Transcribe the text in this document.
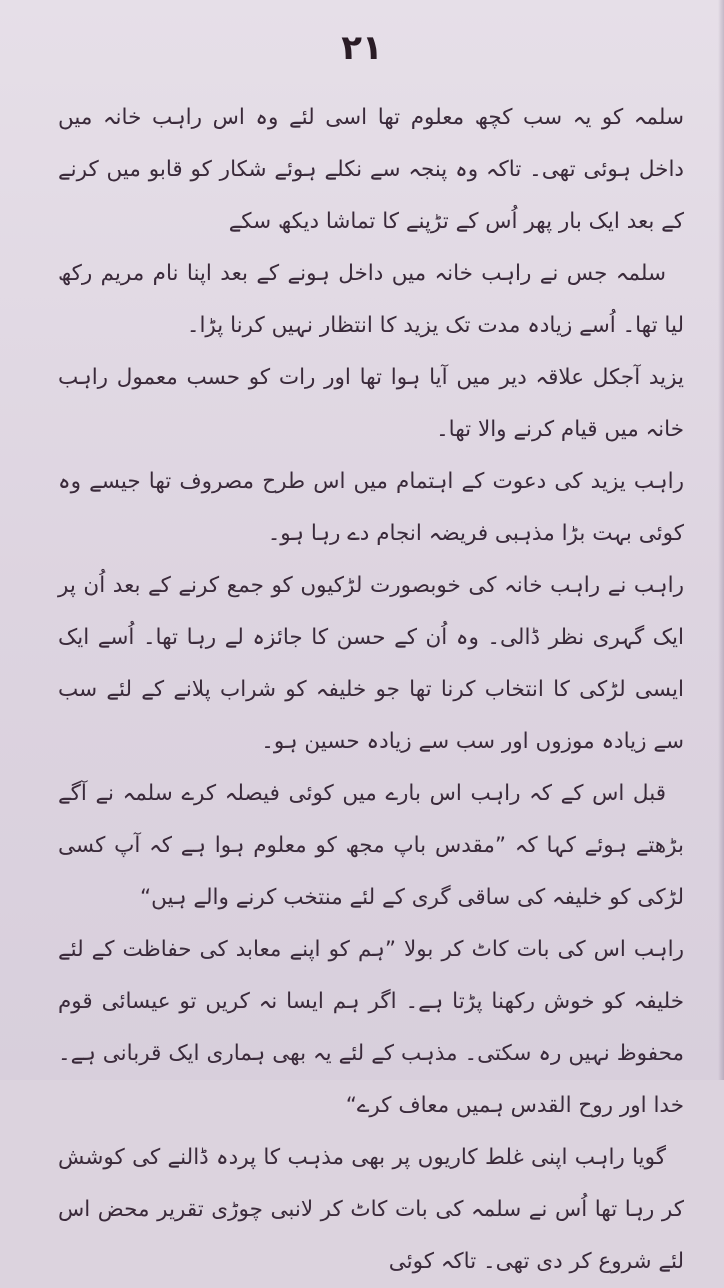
۲۱

سلمہ کو یہ سب کچھ معلوم تھا اسی لئے وہ اس راہب خانہ میں داخل ہوئی تھی۔ تاکہ وہ پنجہ سے نکلے ہوئے شکار کو قابو میں کرنے کے بعد ایک بار پھر اُس کے تڑپنے کا تماشا دیکھ سکے

سلمہ جس نے راہب خانہ میں داخل ہونے کے بعد اپنا نام مریم رکھ لیا تھا۔ اُسے زیادہ مدت تک یزید کا انتظار نہیں کرنا پڑا۔

یزید آجکل علاقہ دیر میں آیا ہوا تھا اور رات کو حسب معمول راہب خانہ میں قیام کرنے والا تھا۔

راہب یزید کی دعوت کے اہتمام میں اس طرح مصروف تھا جیسے وہ کوئی بہت بڑا مذہبی فریضہ انجام دے رہا ہو۔

راہب نے راہب خانہ کی خوبصورت لڑکیوں کو جمع کرنے کے بعد اُن پر ایک گہری نظر ڈالی۔ وہ اُن کے حسن کا جائزہ لے رہا تھا۔ اُسے ایک ایسی لڑکی کا انتخاب کرنا تھا جو خلیفہ کو شراب پلانے کے لئے سب سے زیادہ موزوں اور سب سے زیادہ حسین ہو۔

قبل اس کے کہ راہب اس بارے میں کوئی فیصلہ کرے سلمہ نے آگے بڑھتے ہوئے کہا کہ ”مقدس باپ مجھ کو معلوم ہوا ہے کہ آپ کسی لڑکی کو خلیفہ کی ساقی گری کے لئے منتخب کرنے والے ہیں“

راہب اس کی بات کاٹ کر بولا ”ہم کو اپنے معابد کی حفاظت کے لئے خلیفہ کو خوش رکھنا پڑتا ہے۔ اگر ہم ایسا نہ کریں تو عیسائی قوم محفوظ نہیں رہ سکتی۔ مذہب کے لئے یہ بھی ہماری ایک قربانی ہے۔ خدا اور روح القدس ہمیں معاف کرے“

گویا راہب اپنی غلط کاریوں پر بھی مذہب کا پردہ ڈالنے کی کوشش کر رہا تھا اُس نے سلمہ کی بات کاٹ کر لانبی چوڑی تقریر محض اس لئے شروع کر دی تھی۔ تاکہ کوئی
